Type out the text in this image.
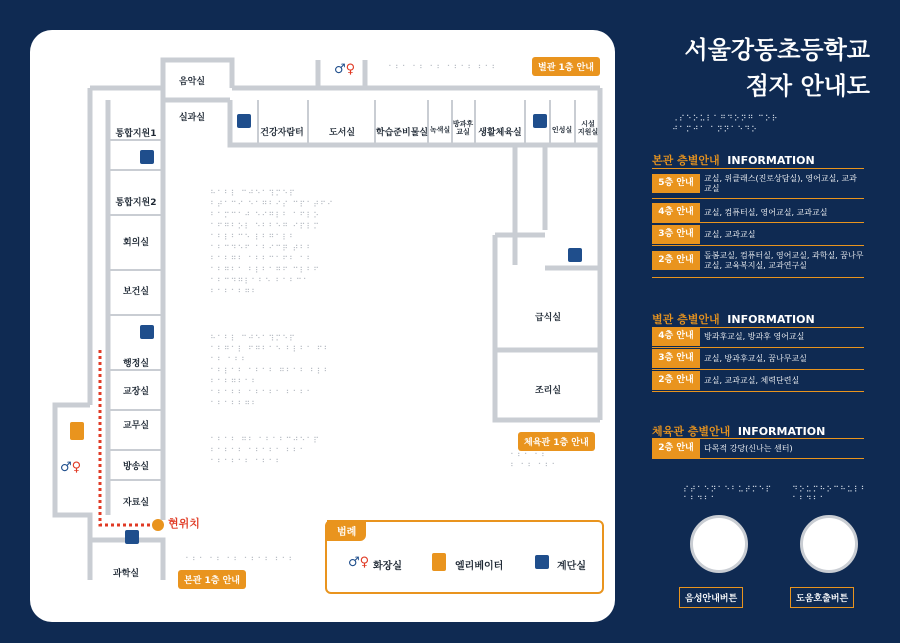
⠓⠁⠃⠇ ⠉⠚⠑⠁⠹⠍⠑⠏
⠃⠞⠁⠉⠊ ⠑⠁⠛⠃⠊⠎ ⠉⠏⠁⠞⠋⠊
⠃⠁⠍⠉⠁⠚ ⠑⠊⠛⠇⠃ ⠁⠋⠇⠕
⠁⠋⠛⠃⠕⠇ ⠑⠃⠃⠑⠛ ⠊⠏⠇⠍
⠁⠃⠇⠃⠉⠑ ⠇⠃⠛⠁⠇⠃
⠁⠃⠉⠙⠑⠋ ⠁⠃⠊⠉⠟ ⠞⠃⠃
⠃⠁⠃⠛⠃ ⠁⠃⠃⠉⠁⠋⠃ ⠁⠃
⠁⠃⠛⠃⠁ ⠃⠇⠃⠁⠛⠋ ⠉⠇⠃⠋
⠁⠃⠉⠙⠛⠇⠁⠃⠑ ⠃⠁⠃⠉⠁
⠃⠁⠃⠁⠃⠛⠃
⠓⠁⠃⠇ ⠉⠚⠑⠁⠹⠍⠑⠏
⠁⠃⠛⠁⠇ ⠋⠛⠃⠁⠑ ⠃⠇⠃⠁ ⠋⠃
⠁⠃ ⠁⠃⠃
⠁⠃⠇⠁⠃ ⠁⠃⠁⠃ ⠛⠃⠁⠃ ⠃⠇⠃
⠃⠁⠃⠛⠃⠁⠃
⠁⠃⠁⠃⠃ ⠁⠃⠁⠃⠁ ⠃⠁⠃⠁
⠁⠃⠁⠃⠃⠛⠃
⠁⠃⠁⠃ ⠛⠃ ⠁⠃⠁⠃⠉⠚⠑⠁⠏
⠃⠁⠃⠁⠃ ⠁⠃⠁⠃⠁ ⠃⠃⠁
⠁⠃⠁⠃⠁⠃ ⠁⠃⠁⠃
⠁⠃⠁ ⠁⠃ ⠁⠃ ⠁⠃⠁⠃ ⠃⠁⠃
⠁⠃⠁ ⠁⠃ ⠁⠃ ⠁⠃⠁⠃ ⠃⠁⠃
⠁⠃⠁ ⠁⠃
⠃ ⠁⠃ ⠁⠃⠁
별관 1층 안내
체육관 1층 안내
본관 1층 안내
음악실
실과실
통합지원1
통합지원2
회의실
보건실
행정실
교장실
교무실
방송실
자료실
과학실
건강자람터	도서실 학습준비물실 녹색실
방과후
교실 생활체육실	인성실
시설
지원실
급식실
조리실
♂♀
♂♀
현위치
범례
♂♀ 화장실	엘리베이터	계단실
서울강동초등학교
점자 안내도
⠠⠎⠑⠕⠥⠇⠁⠛⠙⠕⠝⠛ ⠉⠕⠗
⠚⠁⠍⠚⠁ ⠁⠝⠝⠁⠑⠙⠕
본관 층별안내 INFORMATION
5층 안내	교실, 위클래스(진로상담실), 영어교실, 교과교실
4층 안내	교실, 컴퓨터실, 영어교실, 교과교실
3층 안내	교실, 교과교실
2층 안내	돌봄교실, 컴퓨터실, 영어교실, 과학실, 꿈나무교실, 교육복지실, 교과연구실
별관 층별안내 INFORMATION
4층 안내	방과후교실, 방과후 영어교실
3층 안내	교실, 방과후교실, 꿈나무교실
2층 안내	교실, 교과교실, 체력단련실
체육관 층별안내 INFORMATION
2층 안내	다목적 강당(신나는 센터)
⠎⠞⠁⠑⠝⠁⠑⠃⠥⠞⠍⠑⠏
⠁⠃⠙⠃⠁
⠙⠕⠥⠍⠓⠕⠉⠓⠥⠇⠃
⠁⠃⠙⠃⠁
음성안내버튼	도움호출버튼
